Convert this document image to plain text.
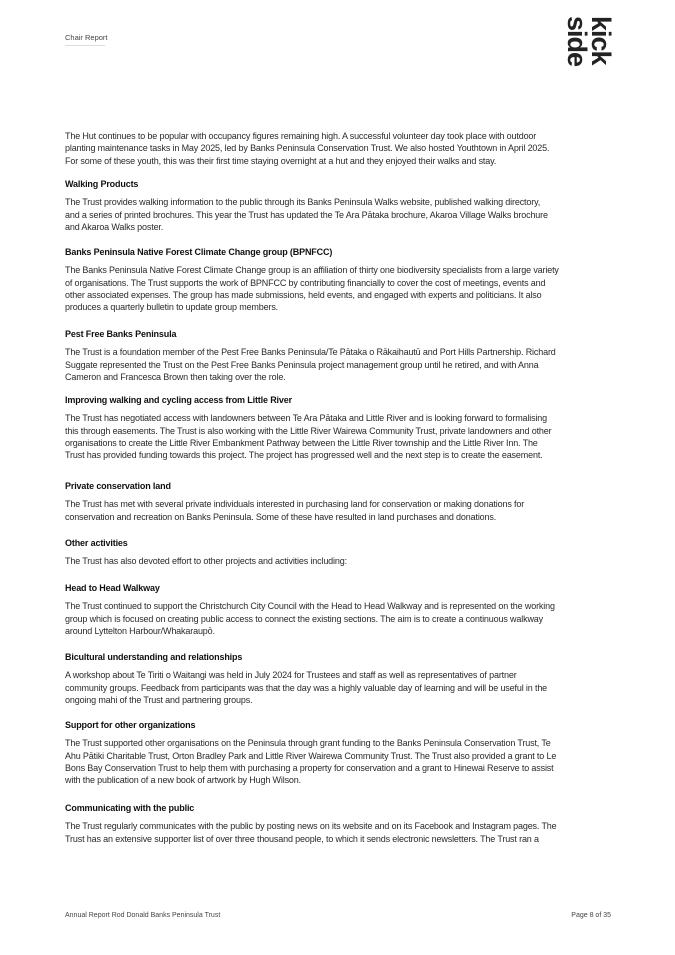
Chair Report	kick
side
The Hut continues to be popular with occupancy figures remaining high. A successful volunteer day took place with outdoor
planting maintenance tasks in May 2025, led by Banks Peninsula Conservation Trust. We also hosted Youthtown in April 2025.
For some of these youth, this was their first time staying overnight at a hut and they enjoyed their walks and stay.
Walking Products
The Trust provides walking information to the public through its Banks Peninsula Walks website, published walking directory,
and a series of printed brochures. This year the Trust has updated the Te Ara Pātaka brochure, Akaroa Village Walks brochure
and Akaroa Walks poster.
Banks Peninsula Native Forest Climate Change group (BPNFCC)
The Banks Peninsula Native Forest Climate Change group is an affiliation of thirty one biodiversity specialists from a large variety
of organisations. The Trust supports the work of BPNFCC by contributing financially to cover the cost of meetings, events and
other associated expenses. The group has made submissions, held events, and engaged with experts and politicians. It also
produces a quarterly bulletin to update group members.
Pest Free Banks Peninsula
The Trust is a foundation member of the Pest Free Banks Peninsula/Te Pātaka o Rākaihautū and Port Hills Partnership. Richard
Suggate represented the Trust on the Pest Free Banks Peninsula project management group until he retired, and with Anna
Cameron and Francesca Brown then taking over the role.
Improving walking and cycling access from Little River
The Trust has negotiated access with landowners between Te Ara Pātaka and Little River and is looking forward to formalising
this through easements. The Trust is also working with the Little River Wairewa Community Trust, private landowners and other
organisations to create the Little River Embankment Pathway between the Little River township and the Little River Inn. The
Trust has provided funding towards this project. The project has progressed well and the next step is to create the easement.
Private conservation land
The Trust has met with several private individuals interested in purchasing land for conservation or making donations for
conservation and recreation on Banks Peninsula. Some of these have resulted in land purchases and donations.
Other activities
The Trust has also devoted effort to other projects and activities including:
Head to Head Walkway
The Trust continued to support the Christchurch City Council with the Head to Head Walkway and is represented on the working
group which is focused on creating public access to connect the existing sections. The aim is to create a continuous walkway
around Lyttelton Harbour/Whakaraupō.
Bicultural understanding and relationships
A workshop about Te Tiriti o Waitangi was held in July 2024 for Trustees and staff as well as representatives of partner
community groups. Feedback from participants was that the day was a highly valuable day of learning and will be useful in the
ongoing mahi of the Trust and partnering groups.
Support for other organizations
The Trust supported other organisations on the Peninsula through grant funding to the Banks Peninsula Conservation Trust, Te
Ahu Pātiki Charitable Trust, Orton Bradley Park and Little River Wairewa Community Trust. The Trust also provided a grant to Le
Bons Bay Conservation Trust to help them with purchasing a property for conservation and a grant to Hinewai Reserve to assist
with the publication of a new book of artwork by Hugh Wilson.
Communicating with the public
The Trust regularly communicates with the public by posting news on its website and on its Facebook and Instagram pages. The
Trust has an extensive supporter list of over three thousand people, to which it sends electronic newsletters. The Trust ran a
Annual Report Rod Donald Banks Peninsula Trust	Page 8 of 35
